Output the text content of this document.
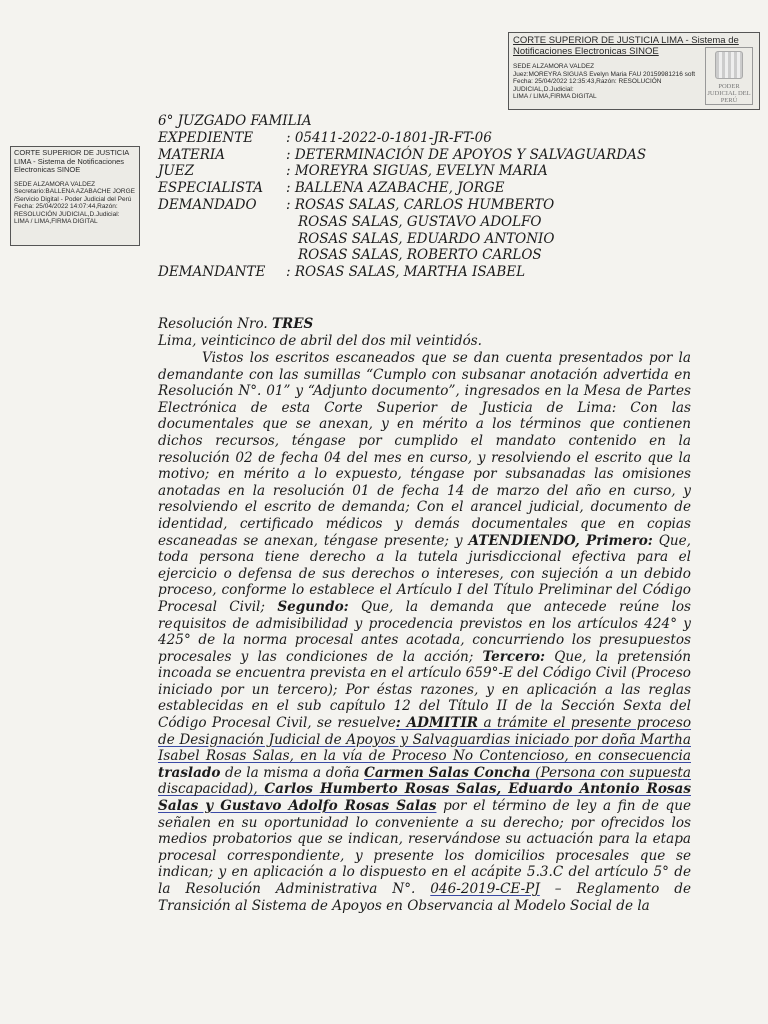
CORTE SUPERIOR DE JUSTICIA LIMA - Sistema de Notificaciones Electronicas SINOE
SEDE ALZAMORA VALDEZ
Juez:MOREYRA SIGUAS Evelyn Maria FAU 20159981216 soft
Fecha: 25/04/2022 12:35:43,Razón: RESOLUCIÓN JUDICIAL,D.Judicial:
LIMA / LIMA,FIRMA DIGITAL
PODER JUDICIAL DEL PERÚ
CORTE SUPERIOR DE JUSTICIA LIMA - Sistema de Notificaciones Electronicas SINOE
SEDE ALZAMORA VALDEZ
Secretario:BALLENA AZABACHE JORGE /Servicio Digital - Poder Judicial del Perú
Fecha: 25/04/2022 14:07:44,Razón: RESOLUCIÓN JUDICIAL,D.Judicial: LIMA / LIMA,FIRMA DIGITAL
6° JUZGADO FAMILIA
EXPEDIENTE	: 05411-2022-0-1801-JR-FT-06
MATERIA	: DETERMINACIÓN DE APOYOS Y SALVAGUARDAS
JUEZ	: MOREYRA SIGUAS, EVELYN MARIA
ESPECIALISTA	: BALLENA AZABACHE, JORGE
DEMANDADO	: ROSAS SALAS, CARLOS HUMBERTO
ROSAS SALAS, GUSTAVO ADOLFO
ROSAS SALAS, EDUARDO ANTONIO
ROSAS SALAS, ROBERTO CARLOS
DEMANDANTE	: ROSAS SALAS, MARTHA ISABEL
Resolución Nro. TRES
Lima, veinticinco de abril del dos mil veintidós.
Vistos los escritos escaneados que se dan cuenta presentados por la demandante con las sumillas “Cumplo con subsanar anotación advertida en Resolución N°. 01” y “Adjunto documento”, ingresados en la Mesa de Partes Electrónica de esta Corte Superior de Justicia de Lima: Con las documentales que se anexan, y en mérito a los términos que contienen dichos recursos, téngase por cumplido el mandato contenido en la resolución 02 de fecha 04 del mes en curso, y resolviendo el escrito que la motivo; en mérito a lo expuesto, téngase por subsanadas las omisiones anotadas en la resolución 01 de fecha 14 de marzo del año en curso, y resolviendo el escrito de demanda; Con el arancel judicial, documento de identidad, certificado médicos y demás documentales que en copias escaneadas se anexan, téngase presente; y ATENDIENDO, Primero: Que, toda persona tiene derecho a la tutela jurisdiccional efectiva para el ejercicio o defensa de sus derechos o intereses, con sujeción a un debido proceso, conforme lo establece el Artículo I del Título Preliminar del Código Procesal Civil; Segundo: Que, la demanda que antecede reúne los requisitos de admisibilidad y procedencia previstos en los artículos 424° y 425° de la norma procesal antes acotada, concurriendo los presupuestos procesales y las condiciones de la acción; Tercero: Que, la pretensión incoada se encuentra prevista en el artículo 659°-E del Código Civil (Proceso iniciado por un tercero); Por éstas razones, y en aplicación a las reglas establecidas en el sub capítulo 12 del Título II de la Sección Sexta del Código Procesal Civil, se resuelve: ADMITIR a trámite el presente proceso de Designación Judicial de Apoyos y Salvaguardias iniciado por doña Martha Isabel Rosas Salas, en la vía de Proceso No Contencioso, en consecuencia traslado de la misma a doña Carmen Salas Concha (Persona con supuesta discapacidad), Carlos Humberto Rosas Salas, Eduardo Antonio Rosas Salas y Gustavo Adolfo Rosas Salas por el término de ley a fin de que señalen en su oportunidad lo conveniente a su derecho; por ofrecidos los medios probatorios que se indican, reservándose su actuación para la etapa procesal correspondiente, y presente los domicilios procesales que se indican; y en aplicación a lo dispuesto en el acápite 5.3.C del artículo 5° de la Resolución Administrativa N°. 046-2019-CE-PJ – Reglamento de Transición al Sistema de Apoyos en Observancia al Modelo Social de la
